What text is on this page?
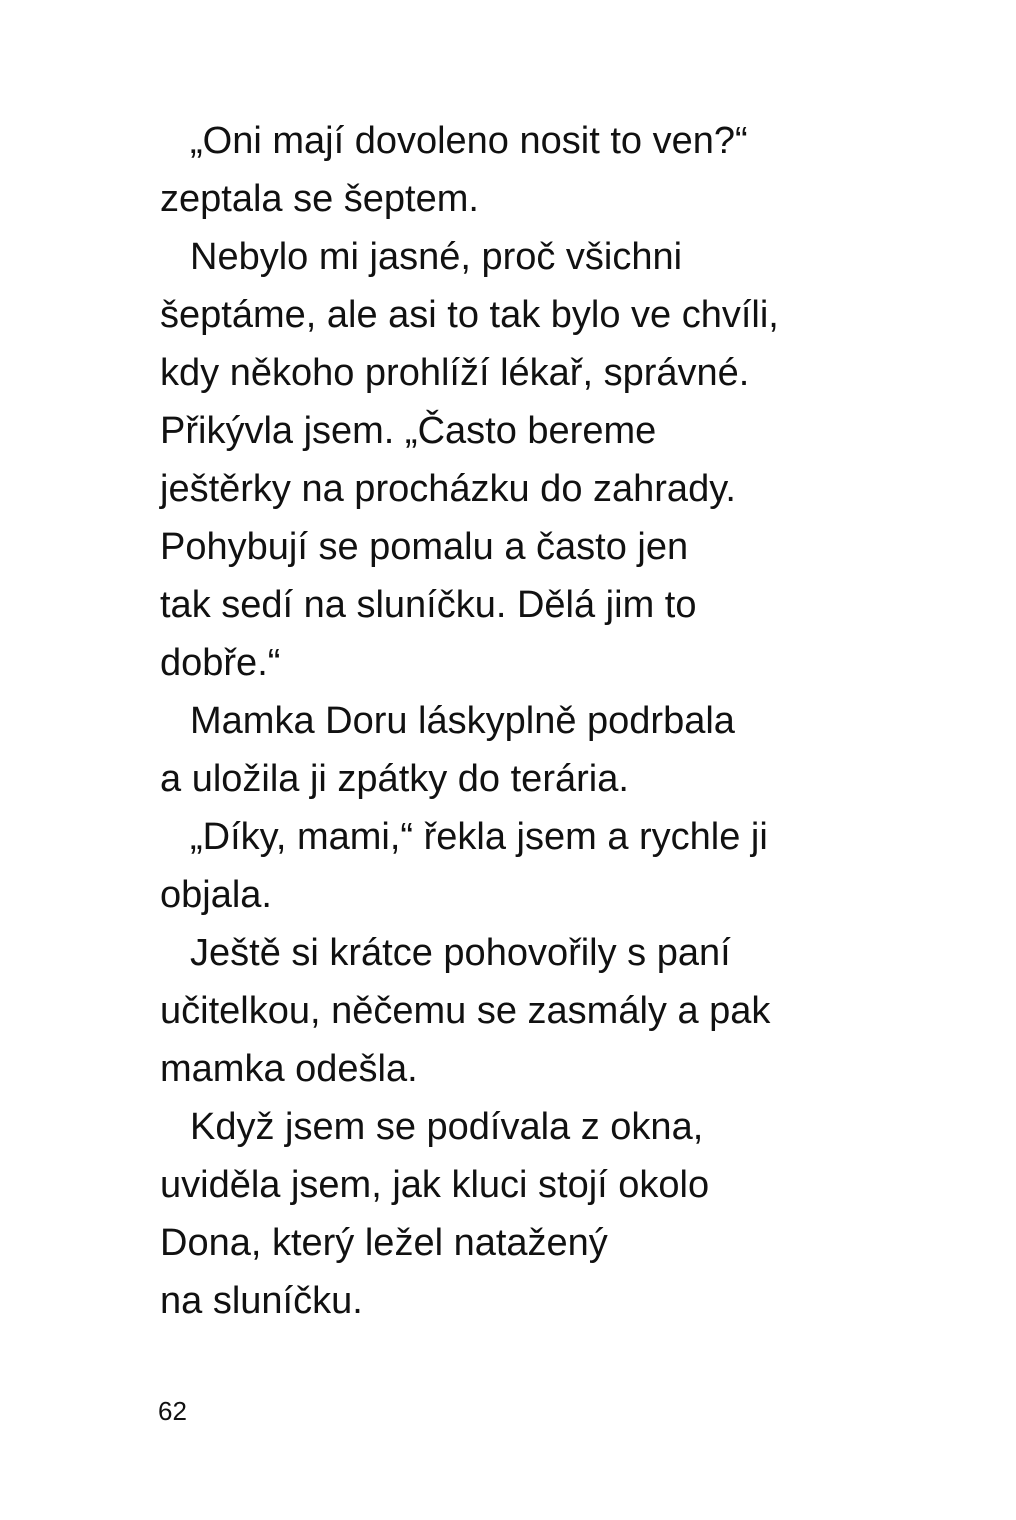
„Oni mají dovoleno nosit to ven?“
zeptala se šeptem.
Nebylo mi jasné, proč všichni
šeptáme, ale asi to tak bylo ve chvíli,
kdy někoho prohlíží lékař, správné.
Přikývla jsem. „Často bereme
ještěrky na procházku do zahrady.
Pohybují se pomalu a často jen
tak sedí na sluníčku. Dělá jim to
dobře.“
Mamka Doru láskyplně podrbala
a uložila ji zpátky do terária.
„Díky, mami,“ řekla jsem a rychle ji
objala.
Ještě si krátce pohovořily s paní
učitelkou, něčemu se zasmály a pak
mamka odešla.
Když jsem se podívala z okna,
uviděla jsem, jak kluci stojí okolo
Dona, který ležel natažený
na sluníčku.
62
